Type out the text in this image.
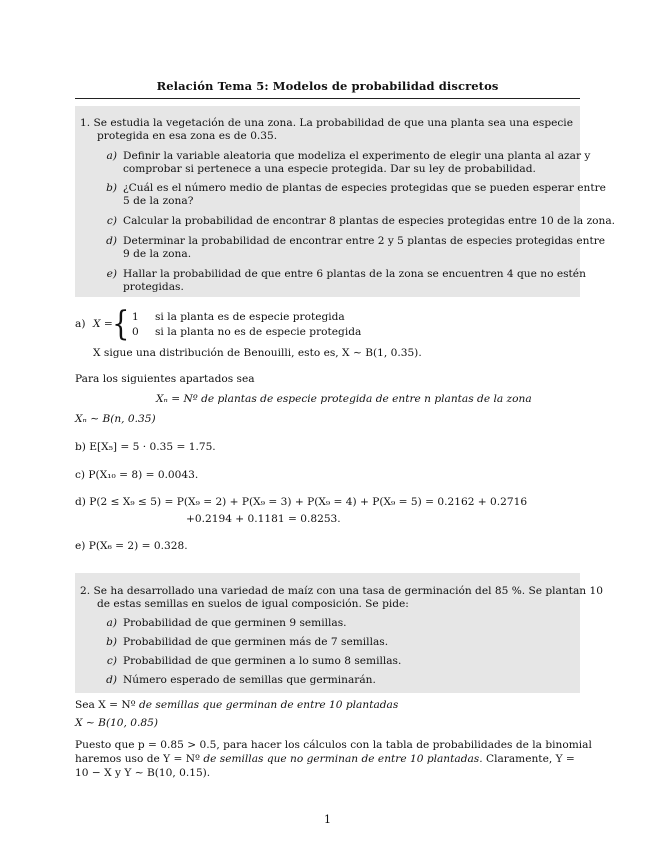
Relación Tema 5: Modelos de probabilidad discretos
1. Se estudia la vegetación de una zona. La probabilidad de que una planta sea una especie
protegida en esa zona es de 0.35.
a) Definir la variable aleatoria que modeliza el experimento de elegir una planta al azar y
comprobar si pertenece a una especie protegida. Dar su ley de probabilidad.
b) ¿Cuál es el número medio de plantas de especies protegidas que se pueden esperar entre
5 de la zona?
c) Calcular la probabilidad de encontrar 8 plantas de especies protegidas entre 10 de la zona.
d) Determinar la probabilidad de encontrar entre 2 y 5 plantas de especies protegidas entre
9 de la zona.
e) Hallar la probabilidad de que entre 6 plantas de la zona se encuentren 4 que no estén
protegidas.
a) X = { 1 si la planta es de especie protegida
0 si la planta no es de especie protegida
X sigue una distribución de Benouilli, esto es, X ∼ B(1, 0.35).
Para los siguientes apartados sea
Xₙ = Nº de plantas de especie protegida de entre n plantas de la zona
Xₙ ∼ B(n, 0.35)
b) E[X₅] = 5 · 0.35 = 1.75.
c) P(X₁₀ = 8) = 0.0043.
d) P(2 ≤ X₉ ≤ 5) = P(X₉ = 2) + P(X₉ = 3) + P(X₉ = 4) + P(X₉ = 5) = 0.2162 + 0.2716
+0.2194 + 0.1181 = 0.8253.
e) P(X₆ = 2) = 0.328.
2. Se ha desarrollado una variedad de maíz con una tasa de germinación del 85 %. Se plantan 10
de estas semillas en suelos de igual composición. Se pide:
a) Probabilidad de que germinen 9 semillas.
b) Probabilidad de que germinen más de 7 semillas.
c) Probabilidad de que germinen a lo sumo 8 semillas.
d) Número esperado de semillas que germinarán.
Sea X = Nº de semillas que germinan de entre 10 plantadas
X ∼ B(10, 0.85)
Puesto que p = 0.85 > 0.5, para hacer los cálculos con la tabla de probabilidades de la binomial
haremos uso de Y = Nº de semillas que no germinan de entre 10 plantadas. Claramente, Y =
10 − X y Y ∼ B(10, 0.15).
1
